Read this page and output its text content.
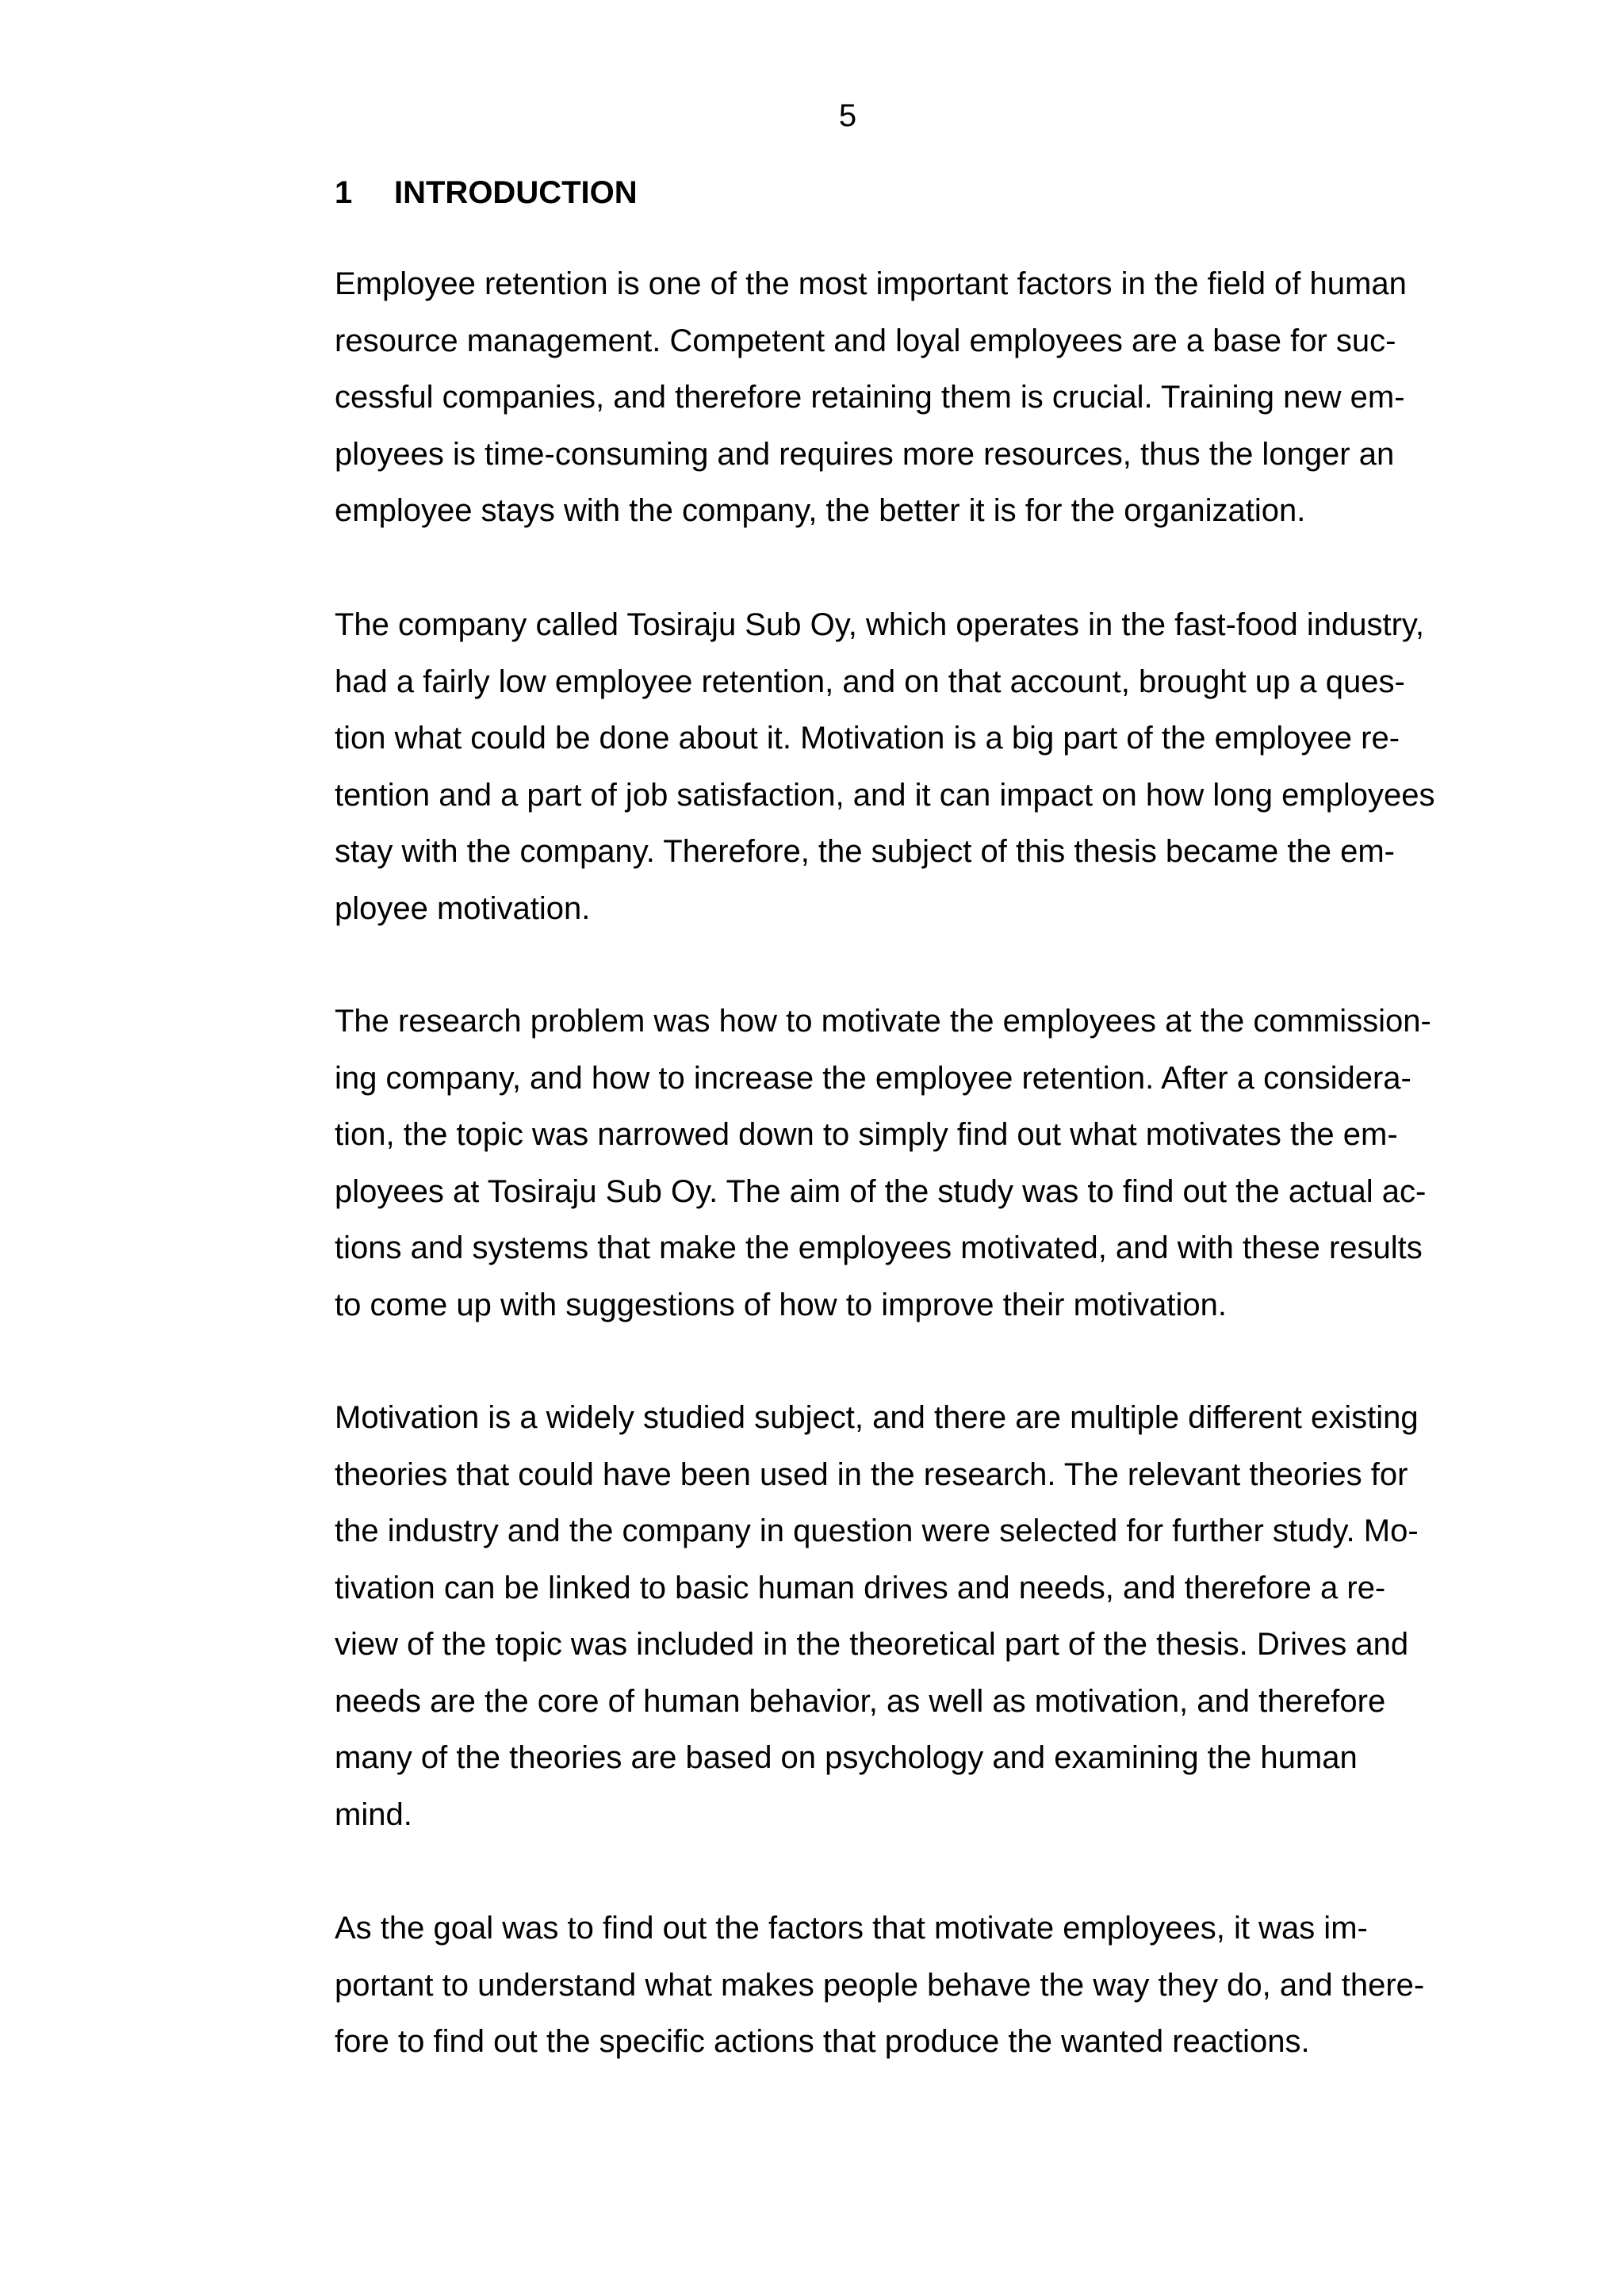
5
1 INTRODUCTION
Employee retention is one of the most important factors in the field of human
resource management. Competent and loyal employees are a base for suc-
cessful companies, and therefore retaining them is crucial. Training new em-
ployees is time-consuming and requires more resources, thus the longer an
employee stays with the company, the better it is for the organization.
The company called Tosiraju Sub Oy, which operates in the fast-food industry,
had a fairly low employee retention, and on that account, brought up a ques-
tion what could be done about it. Motivation is a big part of the employee re-
tention and a part of job satisfaction, and it can impact on how long employees
stay with the company. Therefore, the subject of this thesis became the em-
ployee motivation.
The research problem was how to motivate the employees at the commission-
ing company, and how to increase the employee retention. After a considera-
tion, the topic was narrowed down to simply find out what motivates the em-
ployees at Tosiraju Sub Oy. The aim of the study was to find out the actual ac-
tions and systems that make the employees motivated, and with these results
to come up with suggestions of how to improve their motivation.
Motivation is a widely studied subject, and there are multiple different existing
theories that could have been used in the research. The relevant theories for
the industry and the company in question were selected for further study. Mo-
tivation can be linked to basic human drives and needs, and therefore a re-
view of the topic was included in the theoretical part of the thesis. Drives and
needs are the core of human behavior, as well as motivation, and therefore
many of the theories are based on psychology and examining the human
mind.
As the goal was to find out the factors that motivate employees, it was im-
portant to understand what makes people behave the way they do, and there-
fore to find out the specific actions that produce the wanted reactions.
